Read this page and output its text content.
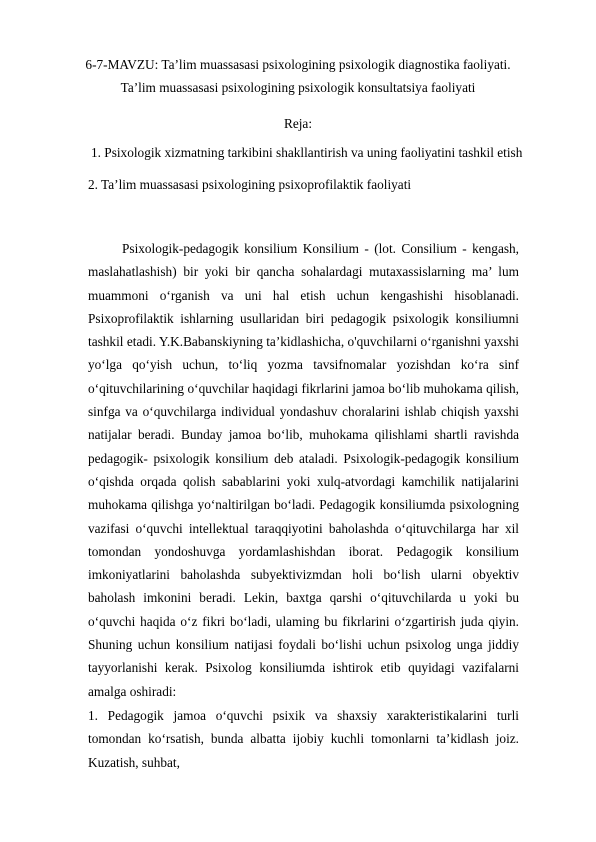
6-7-MAVZU: Ta’lim muassasasi psixologining psixologik diagnostika faoliyati.
Ta’lim muassasasi psixologining psixologik konsultatsiya faoliyati
Reja:
1. Psixologik xizmatning tarkibini shakllantirish va uning faoliyatini tashkil etish
2. Ta’lim muassasasi psixologining psixoprofilaktik faoliyati

Psixologik-pedagogik konsilium Konsilium - (lot. Consilium - kengash, maslahatlashish) bir yoki bir qancha sohalardagi mutaxassislarning ma’ lum muammoni o‘rganish va uni hal etish uchun kengashishi hisoblanadi. Psixoprofilaktik ishlarning usullaridan biri pedagogik psixologik konsiliumni tashkil etadi. Y.K.Babanskiyning ta’kidlashicha, o'quvchilarni o‘rganishni yaxshi yo‘lga qo‘yish uchun, to‘liq yozma tavsifnomalar yozishdan ko‘ra sinf o‘qituvchilarining o‘quvchilar haqidagi fikrlarini jamoa bo‘lib muhokama qilish, sinfga va o‘quvchilarga individual yondashuv choralarini ishlab chiqish yaxshi natijalar beradi. Bunday jamoa bo‘lib, muhokama qilishlami shartli ravishda pedagogik- psixologik konsilium deb ataladi. Psixologik-pedagogik konsilium o‘qishda orqada qolish sabablarini yoki xulq-atvordagi kamchilik natijalarini muhokama qilishga yo‘naltirilgan bo‘ladi. Pedagogik konsiliumda psixologning vazifasi o‘quvchi intellektual taraqqiyotini baholashda o‘qituvchilarga har xil tomondan yondoshuvga yordamlashishdan iborat. Pedagogik konsilium imkoniyatlarini baholashda subyektivizmdan holi bo‘lish ularni obyektiv baholash imkonini beradi. Lekin, baxtga qarshi o‘qituvchilarda u yoki bu o‘quvchi haqida o‘z fikri bo‘ladi, ulaming bu fikrlarini o‘zgartirish juda qiyin. Shuning uchun konsilium natijasi foydali bo‘lishi uchun psixolog unga jiddiy tayyorlanishi kerak. Psixolog konsiliumda ishtirok etib quyidagi vazifalarni amalga oshiradi:

1. Pedagogik jamoa o‘quvchi psixik va shaxsiy xarakteristikalarini turli tomondan ko‘rsatish, bunda albatta ijobiy kuchli tomonlarni ta’kidlash joiz. Kuzatish, suhbat,
